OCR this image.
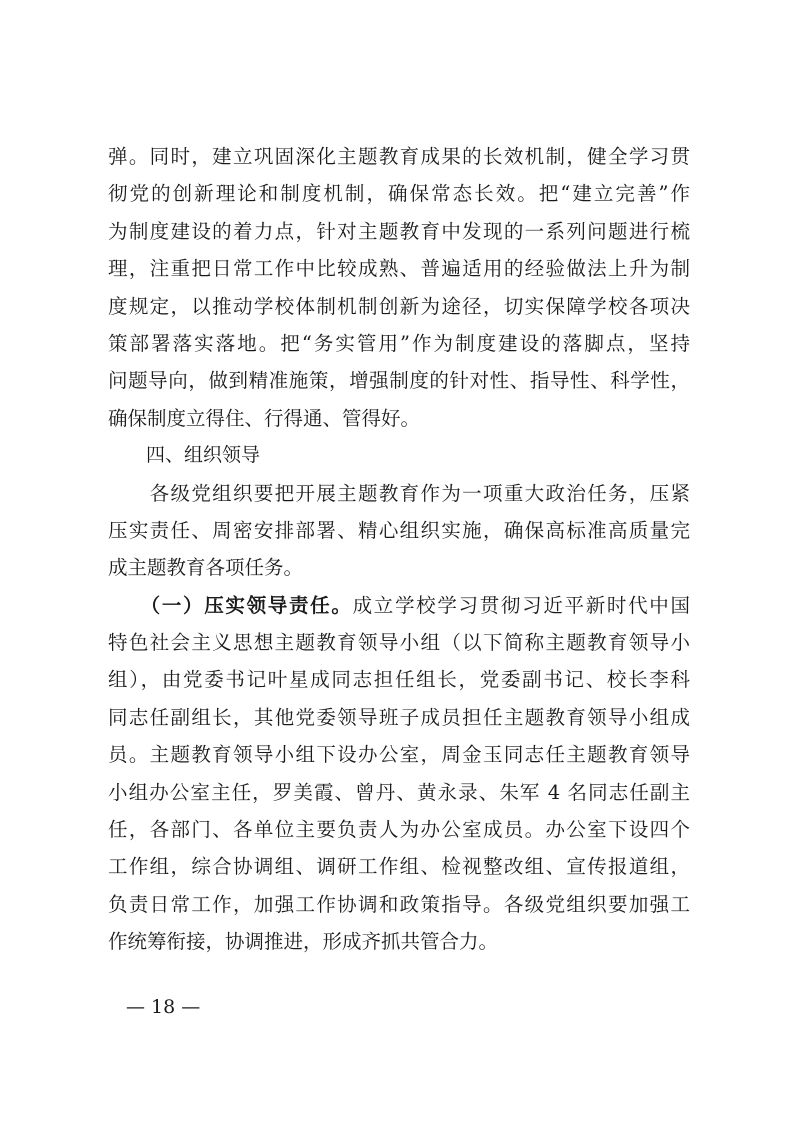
弹。同时，建立巩固深化主题教育成果的长效机制，健全学习贯
彻党的创新理论和制度机制，确保常态长效。把“建立完善”作
为制度建设的着力点，针对主题教育中发现的一系列问题进行梳
理，注重把日常工作中比较成熟、普遍适用的经验做法上升为制
度规定，以推动学校体制机制创新为途径，切实保障学校各项决
策部署落实落地。把“务实管用”作为制度建设的落脚点，坚持
问题导向，做到精准施策，增强制度的针对性、指导性、科学性，
确保制度立得住、行得通、管得好。
　　四、组织领导
　　各级党组织要把开展主题教育作为一项重大政治任务，压紧
压实责任、周密安排部署、精心组织实施，确保高标准高质量完
成主题教育各项任务。
　　（一）压实领导责任。成立学校学习贯彻习近平新时代中国
特色社会主义思想主题教育领导小组（以下简称主题教育领导小
组），由党委书记叶星成同志担任组长，党委副书记、校长李科
同志任副组长，其他党委领导班子成员担任主题教育领导小组成
员。主题教育领导小组下设办公室，周金玉同志任主题教育领导
小组办公室主任，罗美霞、曾丹、黄永录、朱军 4 名同志任副主
任，各部门、各单位主要负责人为办公室成员。办公室下设四个
工作组，综合协调组、调研工作组、检视整改组、宣传报道组，
负责日常工作，加强工作协调和政策指导。各级党组织要加强工
作统筹衔接，协调推进，形成齐抓共管合力。
— 18 —
